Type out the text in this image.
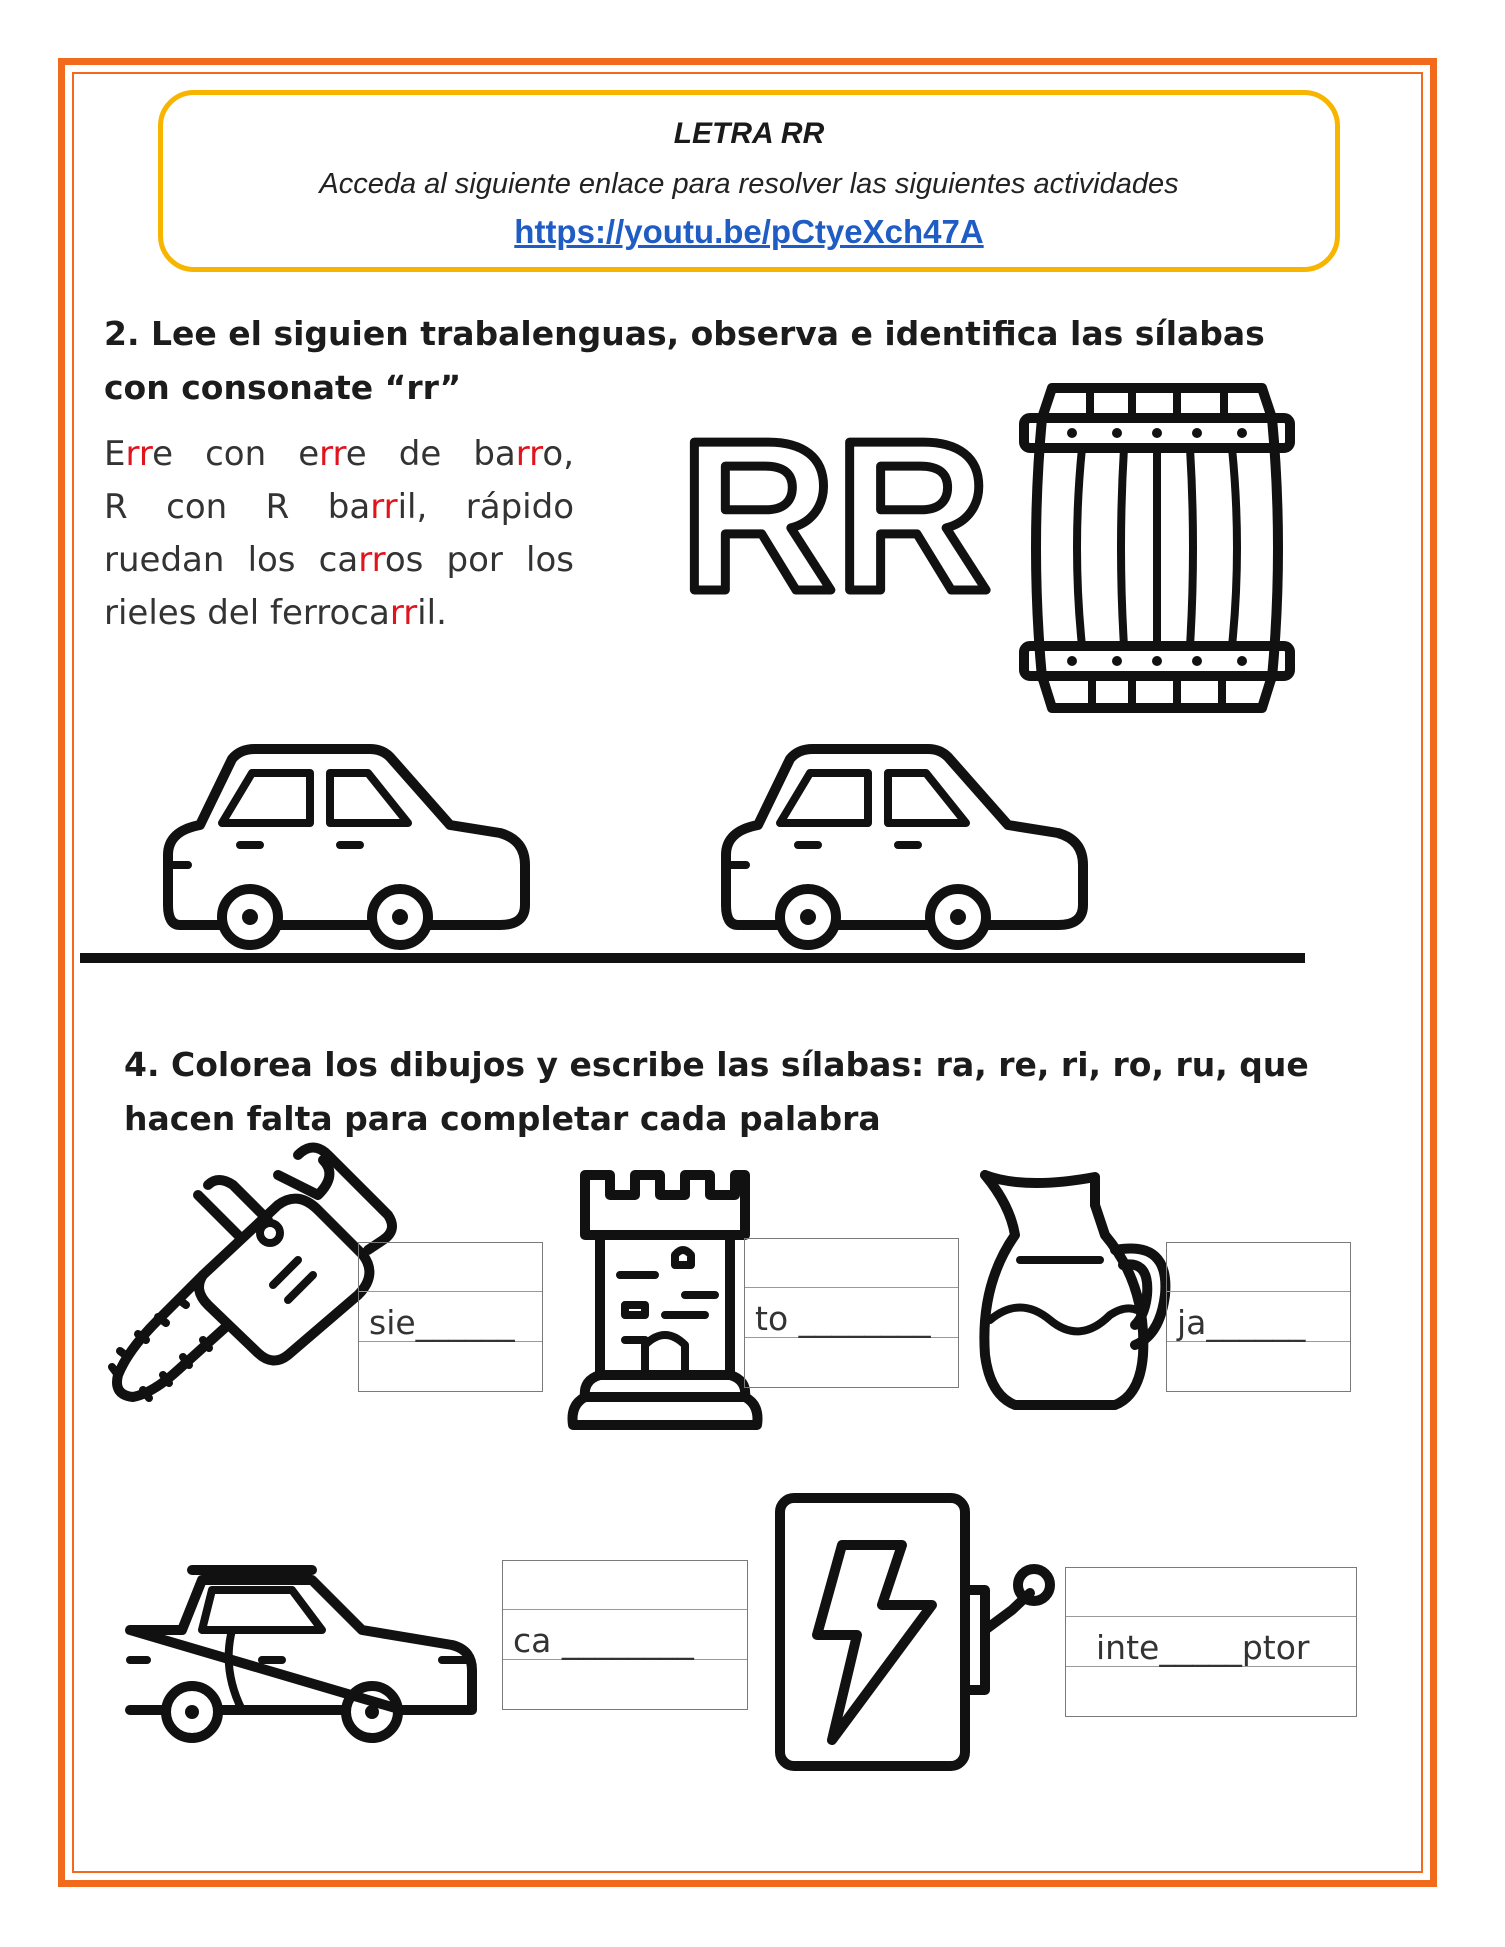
LETRA RR
Acceda al siguiente enlace para resolver las siguientes actividades
https://youtu.be/pCtyeXch47A
2. Lee el siguien trabalenguas, observa e identifica las sílabas
con consonate “rr”
Erre con erre de barro,
R con R barril, rápido
ruedan los carros por los
rieles del ferrocarril.	RR
4. Colorea los dibujos y escribe las sílabas: ra, re, ri, ro, ru, que
hacen falta para completar cada palabra
sie______	to ________	ja______
ca ________	inte_____ptor
